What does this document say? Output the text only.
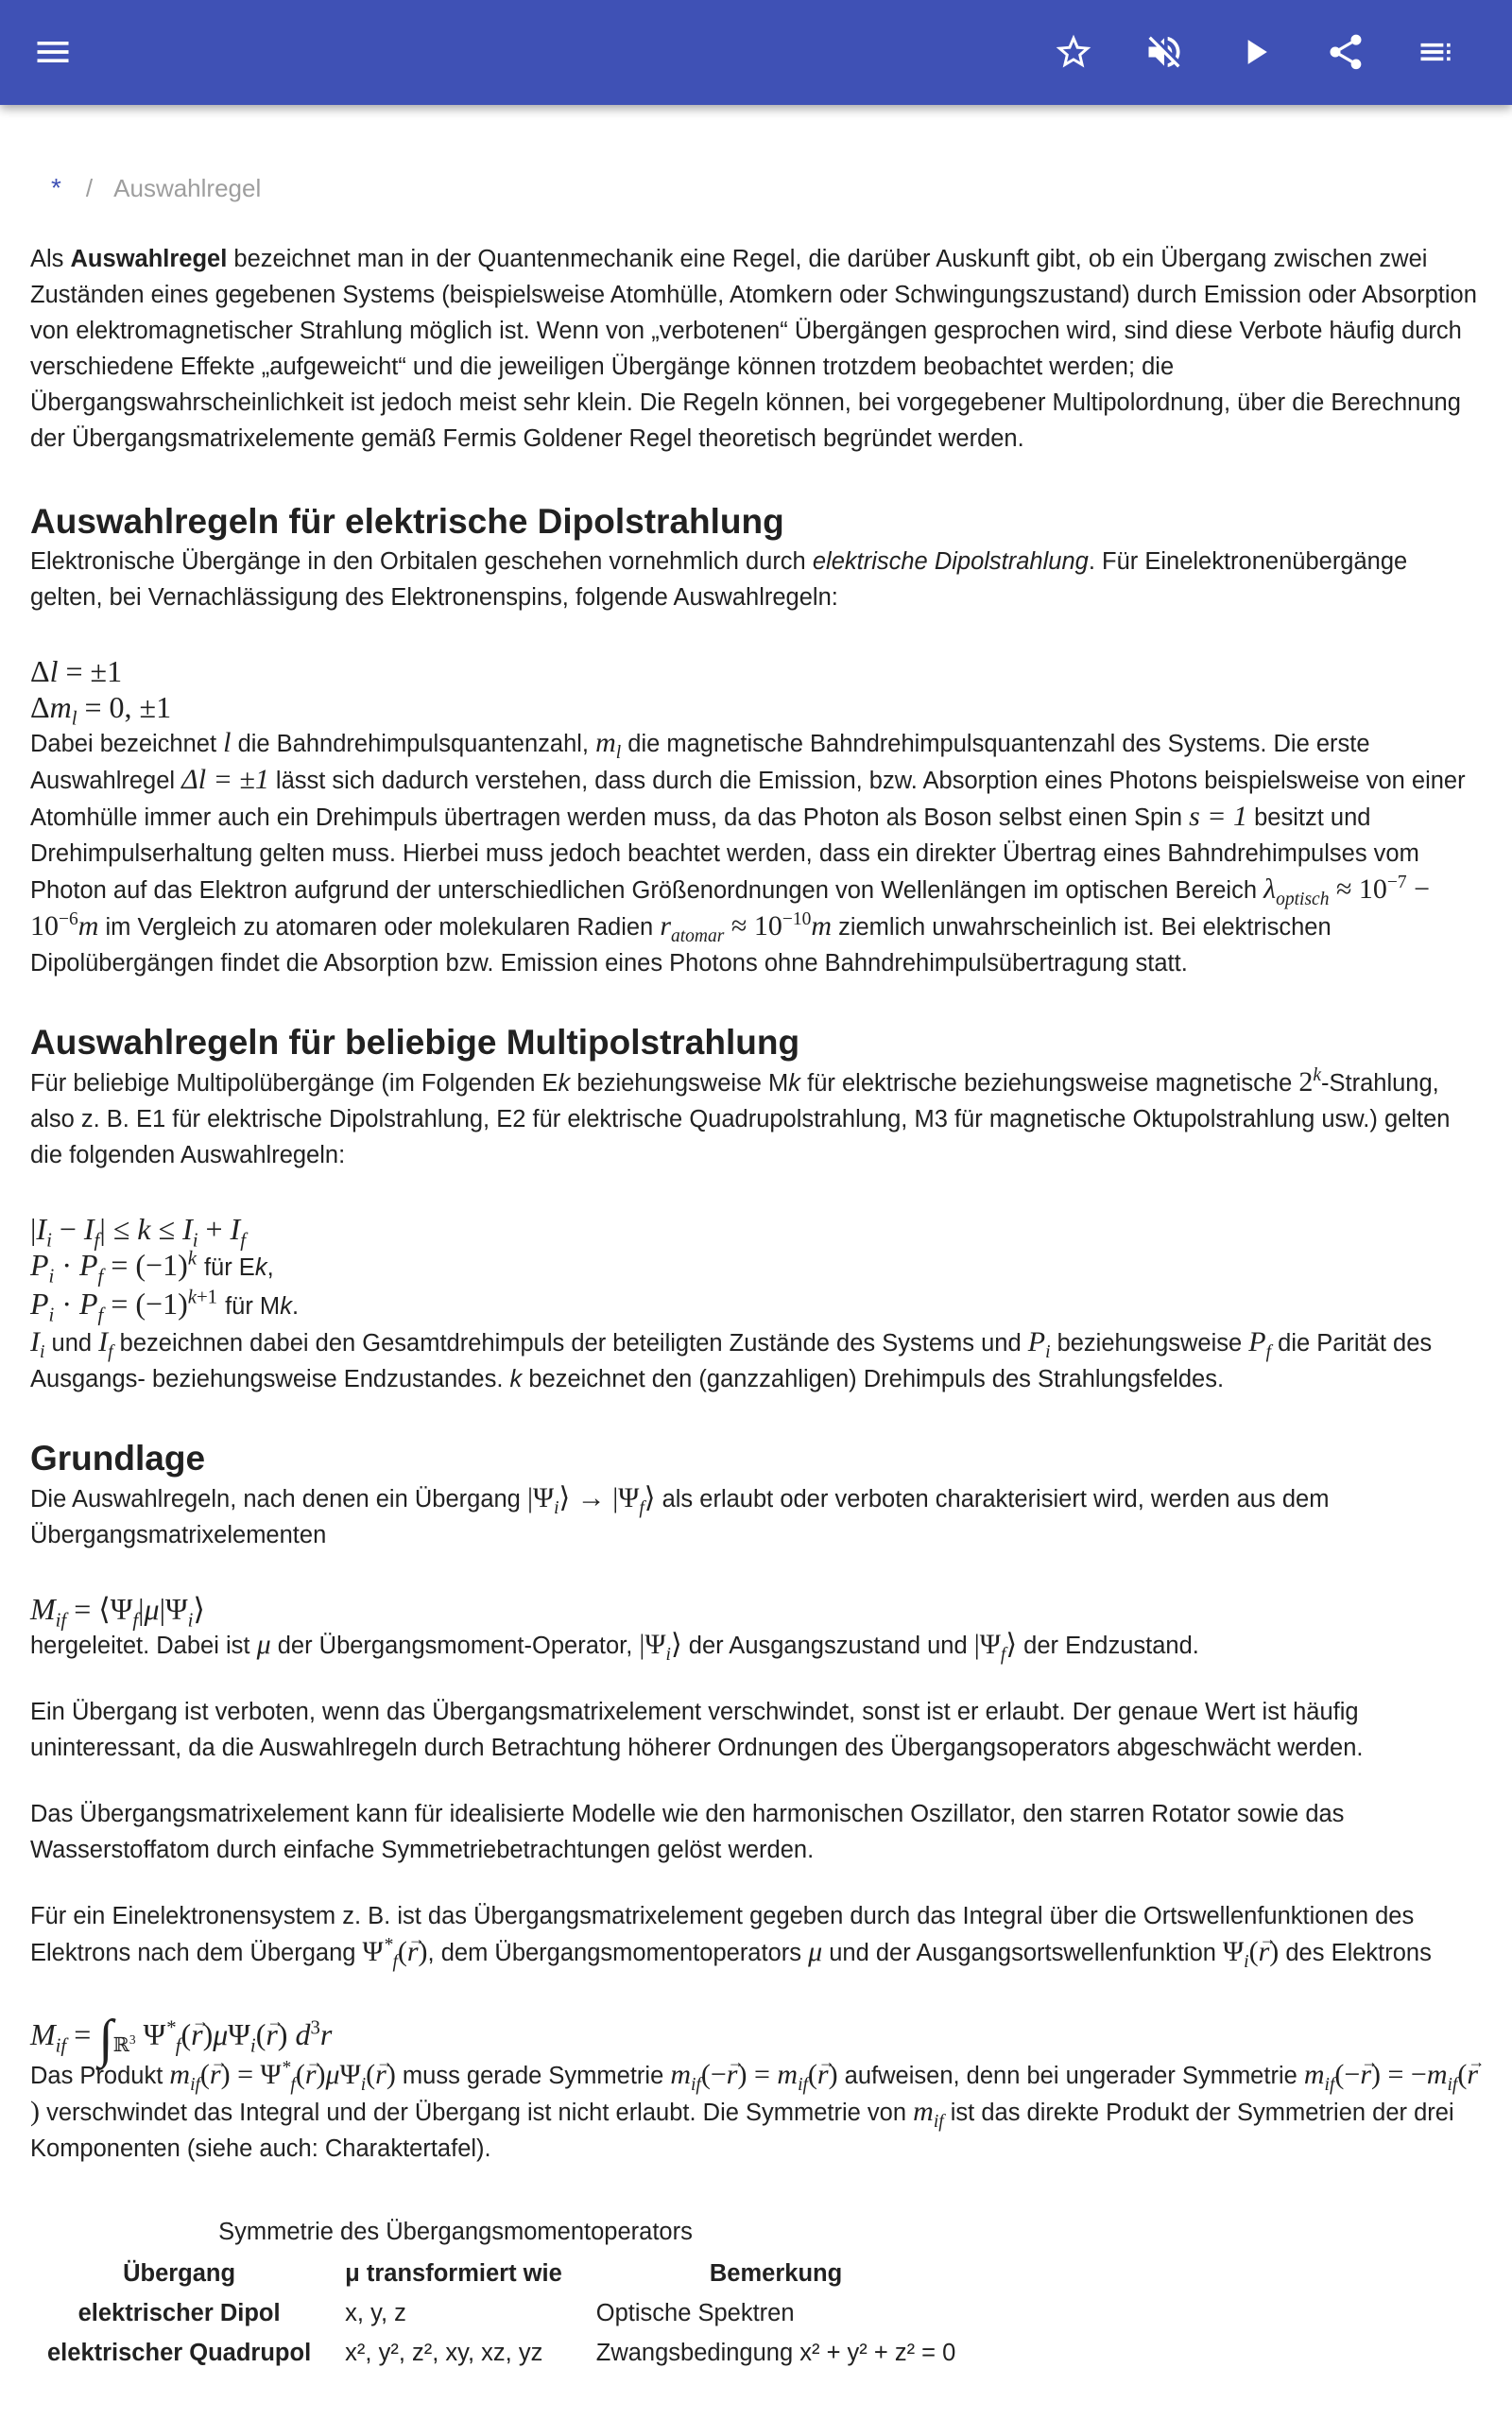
* / Auswahlregel

Als Auswahlregel bezeichnet man in der Quantenmechanik eine Regel, die darüber Auskunft gibt, ob ein Übergang zwischen zwei Zuständen eines gegebenen Systems (beispielsweise Atomhülle, Atomkern oder Schwingungszustand) durch Emission oder Absorption von elektromagnetischer Strahlung möglich ist. Wenn von „verbotenen“ Übergängen gesprochen wird, sind diese Verbote häufig durch verschiedene Effekte „aufgeweicht“ und die jeweiligen Übergänge können trotzdem beobachtet werden; die Übergangswahrscheinlichkeit ist jedoch meist sehr klein. Die Regeln können, bei vorgegebener Multipolordnung, über die Berechnung der Übergangsmatrixelemente gemäß Fermis Goldener Regel theoretisch begründet werden.

Auswahlregeln für elektrische Dipolstrahlung

Elektronische Übergänge in den Orbitalen geschehen vornehmlich durch elektrische Dipolstrahlung. Für Einelektronenübergänge gelten, bei Vernachlässigung des Elektronenspins, folgende Auswahlregeln:

Δl = ±1
$\Delta m_l = 0$, ±1

Dabei bezeichnet l die Bahndrehimpulsquantenzahl, $m_l$ die magnetische Bahndrehimpulsquantenzahl des Systems. Die erste Auswahlregel Δl = ±1 lässt sich dadurch verstehen, dass durch die Emission, bzw. Absorption eines Photons beispielsweise von einer Atomhülle immer auch ein Drehimpuls übertragen werden muss, da das Photon als Boson selbst einen Spin s = 1 besitzt und Drehimpulserhaltung gelten muss. Hierbei muss jedoch beachtet werden, dass ein direkter Übertrag eines Bahndrehimpulses vom Photon auf das Elektron aufgrund der unterschiedlichen Größenordnungen von Wellenlängen im optischen Bereich $\lambda_{optisch} \approx 10^{-7} - 10^{-6}m$ im Vergleich zu atomaren oder molekularen Radien $r_{atomar} \approx 10^{-10}m$ ziemlich unwahrscheinlich ist. Bei elektrischen Dipolübergängen findet die Absorption bzw. Emission eines Photons ohne Bahndrehimpulsübertragung statt.

Auswahlregeln für beliebige Multipolstrahlung

Für beliebige Multipolübergänge (im Folgenden Ek beziehungsweise Mk für elektrische beziehungsweise magnetische 2$^k$-Strahlung, also z. B. E1 für elektrische Dipolstrahlung, E2 für elektrische Quadrupolstrahlung, M3 für magnetische Oktupolstrahlung usw.) gelten die folgenden Auswahlregeln:

$|I_i - I_f| \le k \le I_i + I_f$
$P_i \cdot P_f = (-1)^k$ für Ek,
$P_i \cdot P_f = (-1)^{k+1}$ für Mk.

$I_i$ und $I_f$ bezeichnen dabei den Gesamtdrehimpuls der beteiligten Zustände des Systems und $P_i$ beziehungsweise $P_f$ die Parität des Ausgangs- beziehungsweise Endzustandes. k bezeichnet den (ganzzahligen) Drehimpuls des Strahlungsfeldes.

Grundlage

Die Auswahlregeln, nach denen ein Übergang $|\Psi_i⟩$ → $|\Psi_f⟩$ als erlaubt oder verboten charakterisiert wird, werden aus dem Übergangsmatrixelementen

$M_{if}$ = $⟨\Psi_f|\mu|\Psi_i⟩$

hergeleitet. Dabei ist μ der Übergangsmoment-Operator, $|\Psi_i⟩$ der Ausgangszustand und $|\Psi_f⟩$ der Endzustand.

Ein Übergang ist verboten, wenn das Übergangsmatrixelement verschwindet, sonst ist er erlaubt. Der genaue Wert ist häufig uninteressant, da die Auswahlregeln durch Betrachtung höherer Ordnungen des Übergangsoperators abgeschwächt werden.

Das Übergangsmatrixelement kann für idealisierte Modelle wie den harmonischen Oszillator, den starren Rotator sowie das Wasserstoffatom durch einfache Symmetriebetrachtungen gelöst werden.

Für ein Einelektronensystem z. B. ist das Übergangsmatrixelement gegeben durch das Integral über die Ortswellenfunktionen des Elektrons nach dem Übergang $\Psi^*_f(\to r)$, dem Übergangsmomentoperators μ und der Ausgangsortswellenfunktion $\Psi_i(\to r)$ des Elektrons

$M_{if} = \int_{ℝ^3}$ $\Psi^*_f(\to r)\mu\Psi_i(\to r)$ $d^3r$

Das Produkt $m_{if}(\to r) = \Psi^*_f(\to r)\mu\Psi_i(\to r)$ muss gerade Symmetrie $m_{if}(-\to r) = m_{if}(\to r)$ aufweisen, denn bei ungerader Symmetrie $m_{if}(-\to r) = -m_{if}(\to r)$ verschwindet das Integral und der Übergang ist nicht erlaubt. Die Symmetrie von $m_{if}$ ist das direkte Produkt der Symmetrien der drei Komponenten (siehe auch: Charaktertafel).

Symmetrie des Übergangsmomentoperators
Übergang	μ transformiert wie	Bemerkung
elektrischer Dipol	x, y, z	Optische Spektren
elektrischer Quadrupol	x², y², z², xy, xz, yz	Zwangsbedingung x² + y² + z² = 0
